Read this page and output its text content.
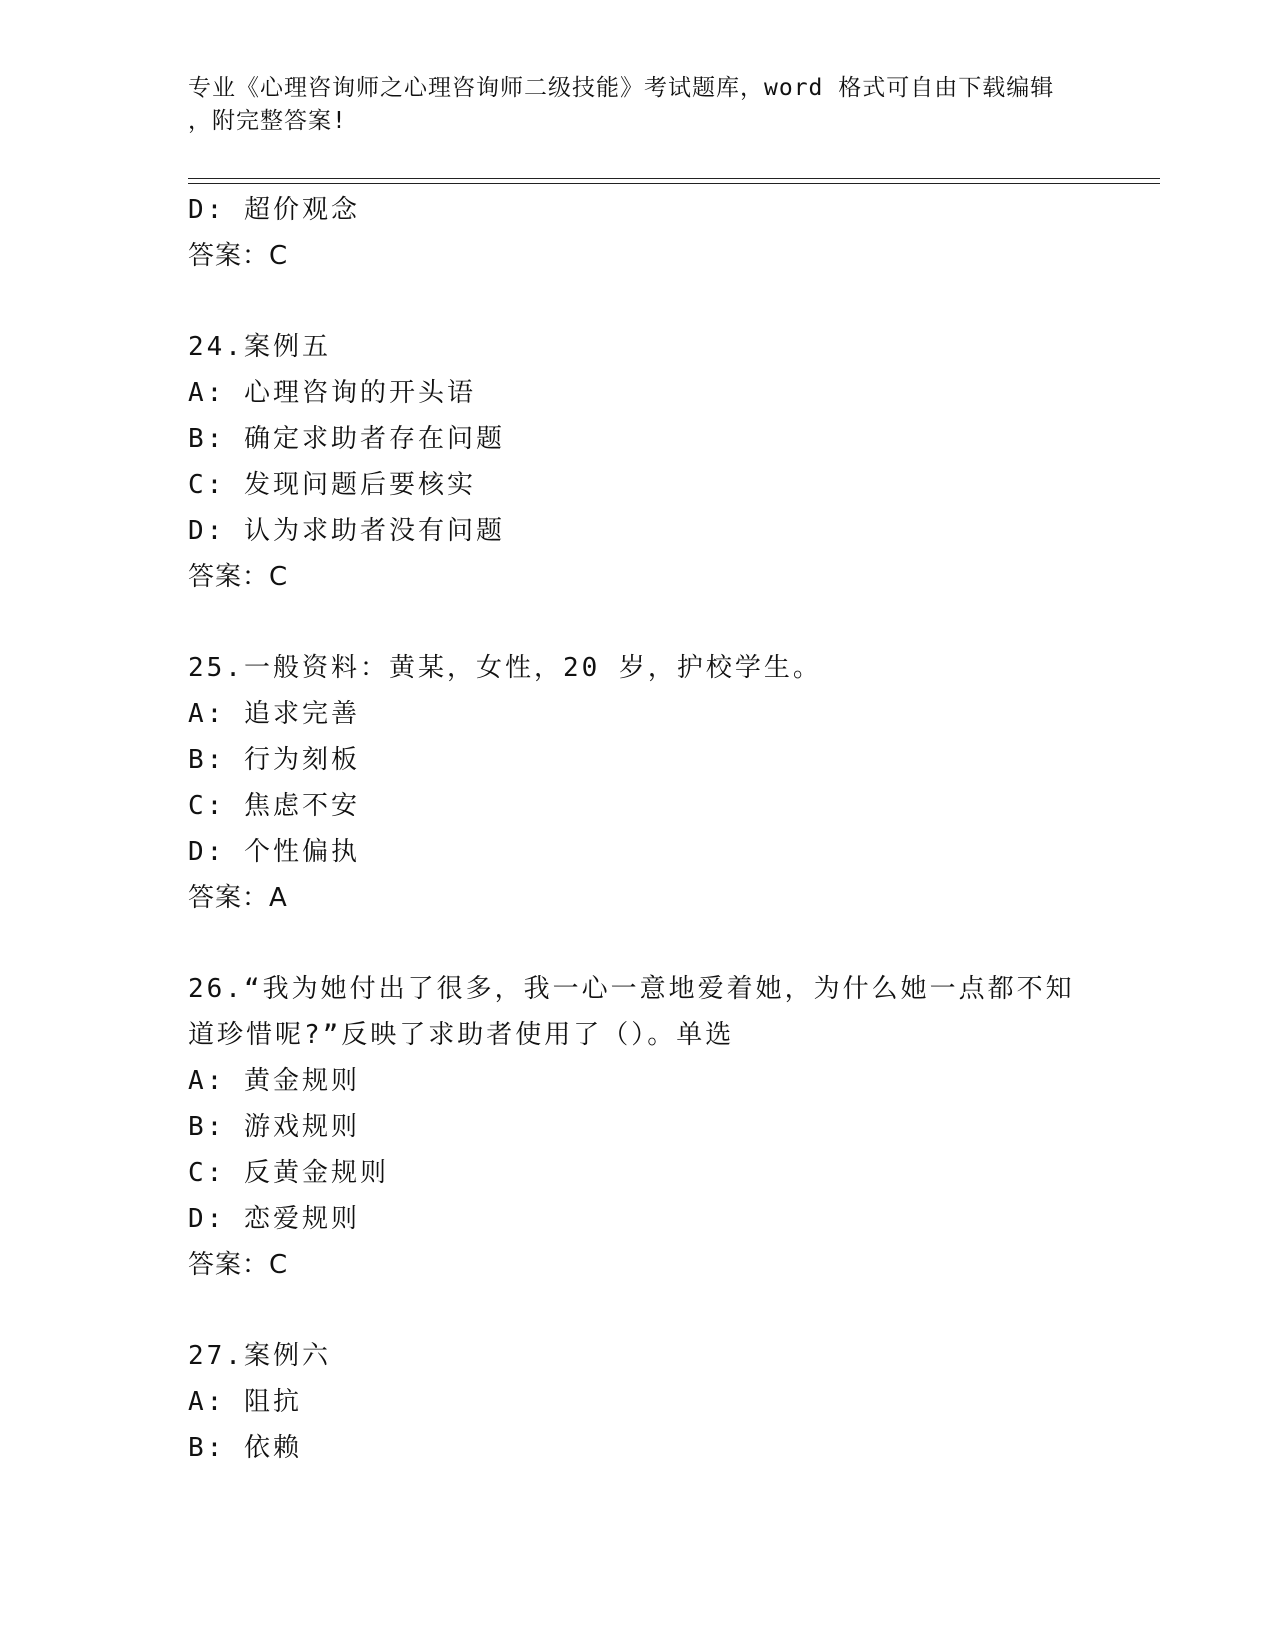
专业《心理咨询师之心理咨询师二级技能》考试题库，word 格式可自由下载编辑
，附完整答案!
D: 超价观念
答案：C
24.案例五
A: 心理咨询的开头语
B: 确定求助者存在问题
C: 发现问题后要核实
D: 认为求助者没有问题
答案：C
25.一般资料：黄某，女性，20 岁，护校学生。
A: 追求完善
B: 行为刻板
C: 焦虑不安
D: 个性偏执
答案：A
26.“我为她付出了很多，我一心一意地爱着她，为什么她一点都不知
道珍惜呢?”反映了求助者使用了（）。单选
A: 黄金规则
B: 游戏规则
C: 反黄金规则
D: 恋爱规则
答案：C
27.案例六
A: 阻抗
B: 依赖
